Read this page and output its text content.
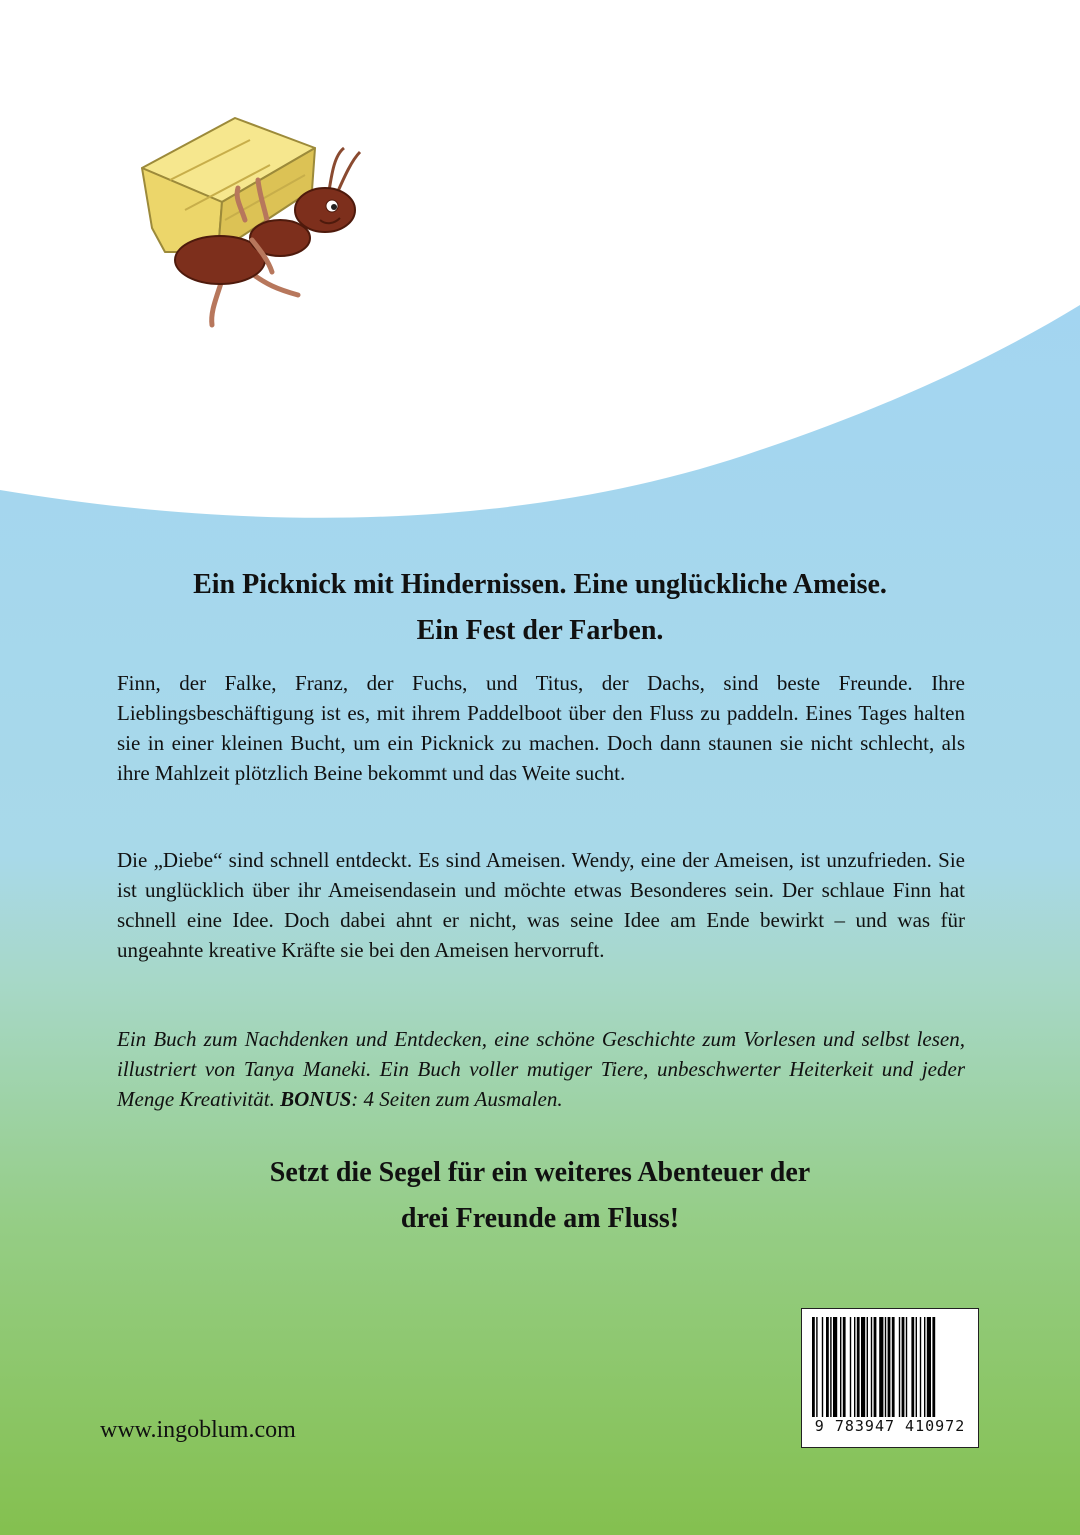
Ein Picknick mit Hindernissen. Eine unglückliche Ameise.
Ein Fest der Farben.

Finn, der Falke, Franz, der Fuchs, und Titus, der Dachs, sind beste Freunde. Ihre Lieblingsbeschäftigung ist es, mit ihrem Paddelboot über den Fluss zu paddeln. Eines Tages halten sie in einer kleinen Bucht, um ein Picknick zu machen. Doch dann staunen sie nicht schlecht, als ihre Mahlzeit plötzlich Beine bekommt und das Weite sucht.

Die „Diebe“ sind schnell entdeckt. Es sind Ameisen. Wendy, eine der Ameisen, ist unzufrieden. Sie ist unglücklich über ihr Ameisendasein und möchte etwas Besonderes sein. Der schlaue Finn hat schnell eine Idee. Doch dabei ahnt er nicht, was seine Idee am Ende bewirkt – und was für ungeahnte kreative Kräfte sie bei den Ameisen hervorruft.

Ein Buch zum Nachdenken und Entdecken, eine schöne Geschichte zum Vorlesen und selbst lesen, illustriert von Tanya Maneki. Ein Buch voller mutiger Tiere, unbeschwerter Heiterkeit und jeder Menge Kreativität. BONUS: 4 Seiten zum Ausmalen.

Setzt die Segel für ein weiteres Abenteuer der
drei Freunde am Fluss!
www.ingoblum.com	9 783947 410972
